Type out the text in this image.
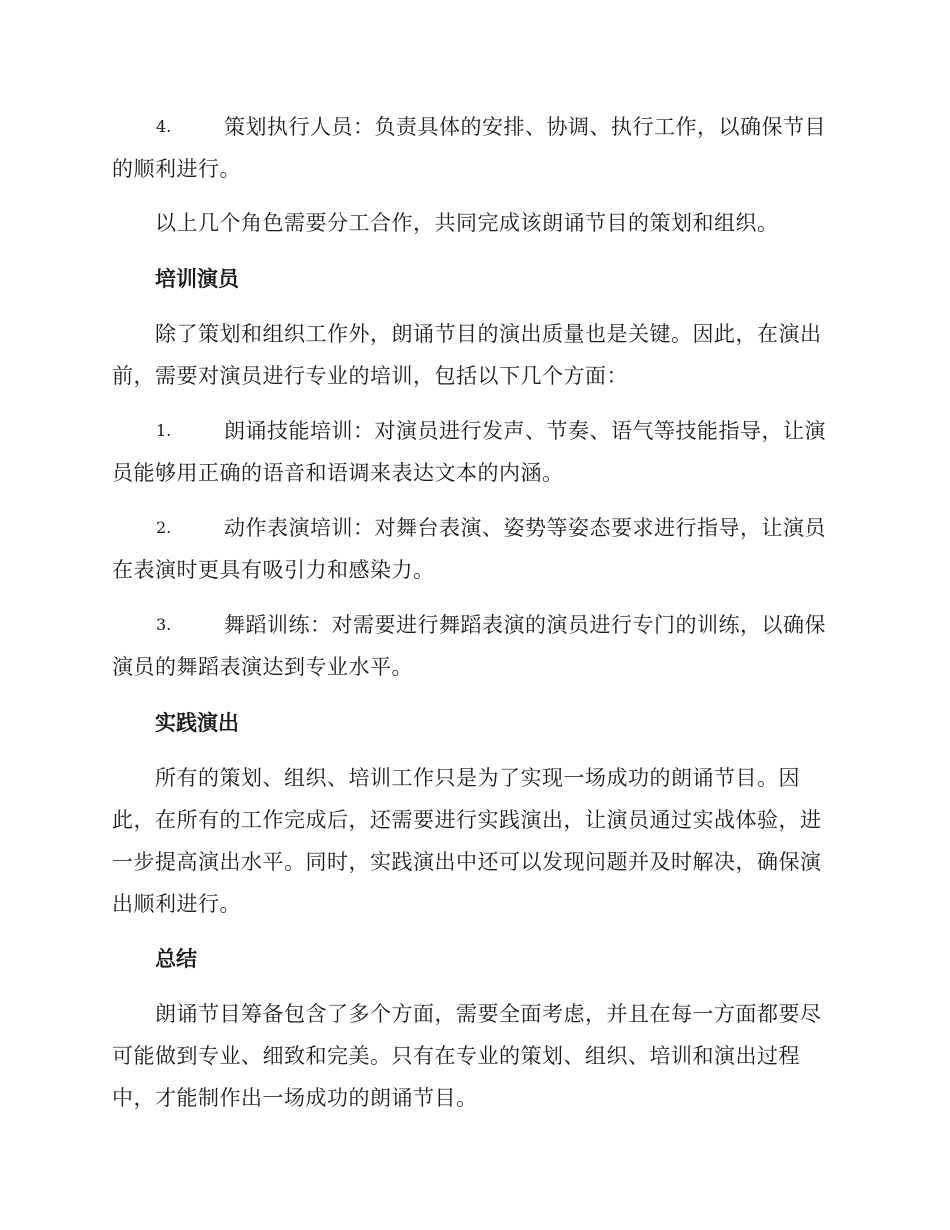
4.	策划执行人员：负责具体的安排、协调、执行工作，以确保节目的顺利进行。
以上几个角色需要分工合作，共同完成该朗诵节目的策划和组织。
培训演员
除了策划和组织工作外，朗诵节目的演出质量也是关键。因此，在演出前，需要对演员进行专业的培训，包括以下几个方面：
1.	朗诵技能培训：对演员进行发声、节奏、语气等技能指导，让演员能够用正确的语音和语调来表达文本的内涵。
2.	动作表演培训：对舞台表演、姿势等姿态要求进行指导，让演员在表演时更具有吸引力和感染力。
3.	舞蹈训练：对需要进行舞蹈表演的演员进行专门的训练，以确保演员的舞蹈表演达到专业水平。
实践演出
所有的策划、组织、培训工作只是为了实现一场成功的朗诵节目。因此，在所有的工作完成后，还需要进行实践演出，让演员通过实战体验，进一步提高演出水平。同时，实践演出中还可以发现问题并及时解决，确保演出顺利进行。
总结
朗诵节目筹备包含了多个方面，需要全面考虑，并且在每一方面都要尽可能做到专业、细致和完美。只有在专业的策划、组织、培训和演出过程中，才能制作出一场成功的朗诵节目。
